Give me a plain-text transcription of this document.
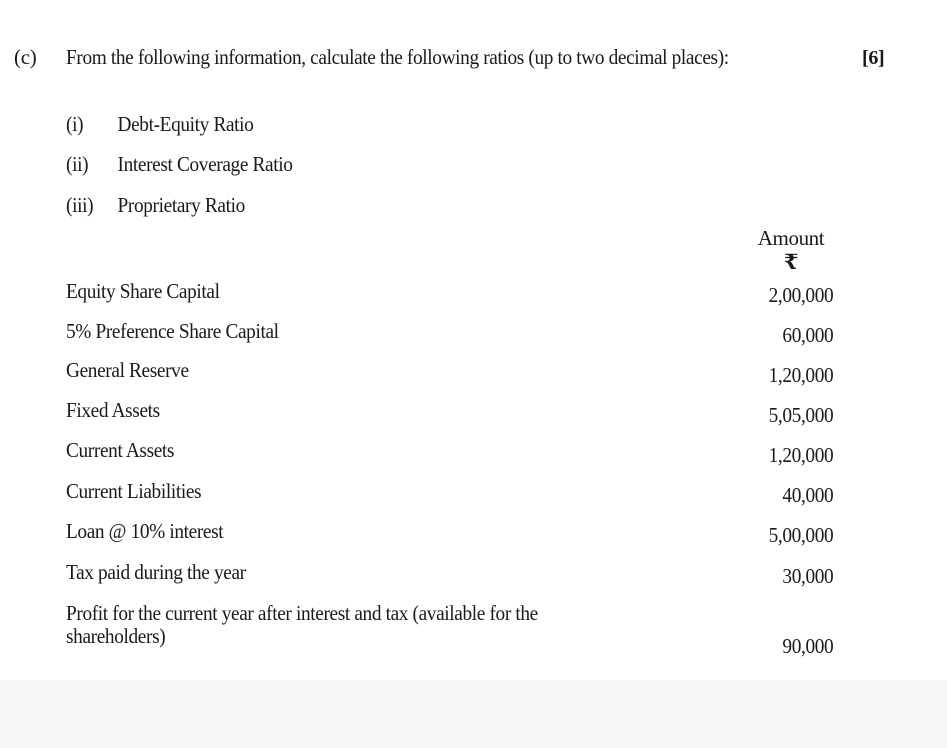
(c) From the following information, calculate the following ratios (up to two decimal places):	[6]
(i) Debt-Equity Ratio
(ii) Interest Coverage Ratio
(iii) Proprietary Ratio
Amount
₹
Equity Share Capital	2,00,000
5% Preference Share Capital	60,000
General Reserve	1,20,000
Fixed Assets	5,05,000
Current Assets	1,20,000
Current Liabilities	40,000
Loan @ 10% interest	5,00,000
Tax paid during the year	30,000
Profit for the current year after interest and tax (available for the
shareholders)	90,000
